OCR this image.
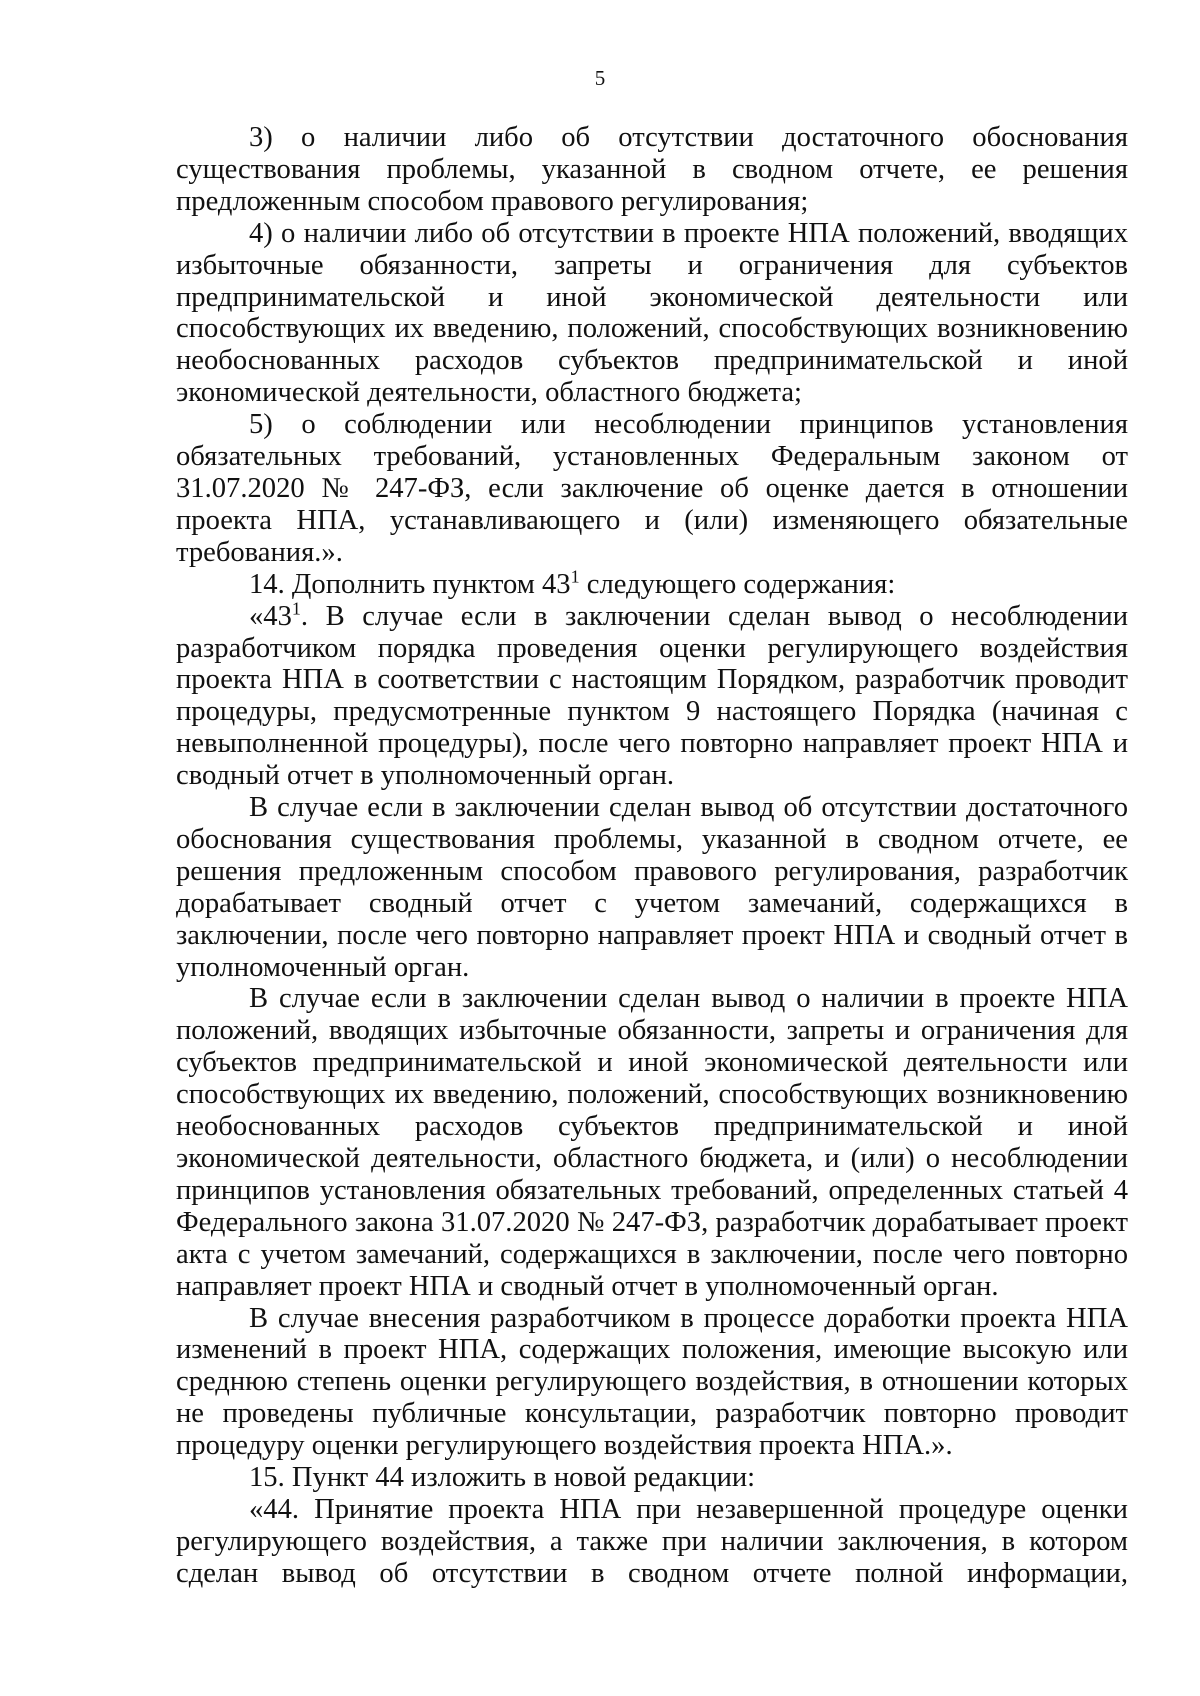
5

3) о наличии либо об отсутствии достаточного обоснования существования проблемы, указанной в сводном отчете, ее решения предложенным способом правового регулирования;

4) о наличии либо об отсутствии в проекте НПА положений, вводящих избыточные обязанности, запреты и ограничения для субъектов предпринимательской и иной экономической деятельности или способствующих их введению, положений, способствующих возникновению необоснованных расходов субъектов предпринимательской и иной экономической деятельности, областного бюджета;

5) о соблюдении или несоблюдении принципов установления обязательных требований, установленных Федеральным законом от 31.07.2020 № 247-ФЗ, если заключение об оценке дается в отношении проекта НПА, устанавливающего и (или) изменяющего обязательные требования.».

14. Дополнить пунктом $43^1$ следующего содержания:

«$43^1$. В случае если в заключении сделан вывод о несоблюдении разработчиком порядка проведения оценки регулирующего воздействия проекта НПА в соответствии с настоящим Порядком, разработчик проводит процедуры, предусмотренные пунктом 9 настоящего Порядка (начиная с невыполненной процедуры), после чего повторно направляет проект НПА и сводный отчет в уполномоченный орган.

В случае если в заключении сделан вывод об отсутствии достаточного обоснования существования проблемы, указанной в сводном отчете, ее решения предложенным способом правового регулирования, разработчик дорабатывает сводный отчет с учетом замечаний, содержащихся в заключении, после чего повторно направляет проект НПА и сводный отчет в уполномоченный орган.

В случае если в заключении сделан вывод о наличии в проекте НПА положений, вводящих избыточные обязанности, запреты и ограничения для субъектов предпринимательской и иной экономической деятельности или способствующих их введению, положений, способствующих возникновению необоснованных расходов субъектов предпринимательской и иной экономической деятельности, областного бюджета, и (или) о несоблюдении принципов установления обязательных требований, определенных статьей 4 Федерального закона 31.07.2020 № 247-ФЗ, разработчик дорабатывает проект акта с учетом замечаний, содержащихся в заключении, после чего повторно направляет проект НПА и сводный отчет в уполномоченный орган.

В случае внесения разработчиком в процессе доработки проекта НПА изменений в проект НПА, содержащих положения, имеющие высокую или среднюю степень оценки регулирующего воздействия, в отношении которых не проведены публичные консультации, разработчик повторно проводит процедуру оценки регулирующего воздействия проекта НПА.».

15. Пункт 44 изложить в новой редакции:

«44. Принятие проекта НПА при незавершенной процедуре оценки регулирующего воздействия, а также при наличии заключения, в котором сделан вывод об отсутствии в сводном отчете полной информации,
